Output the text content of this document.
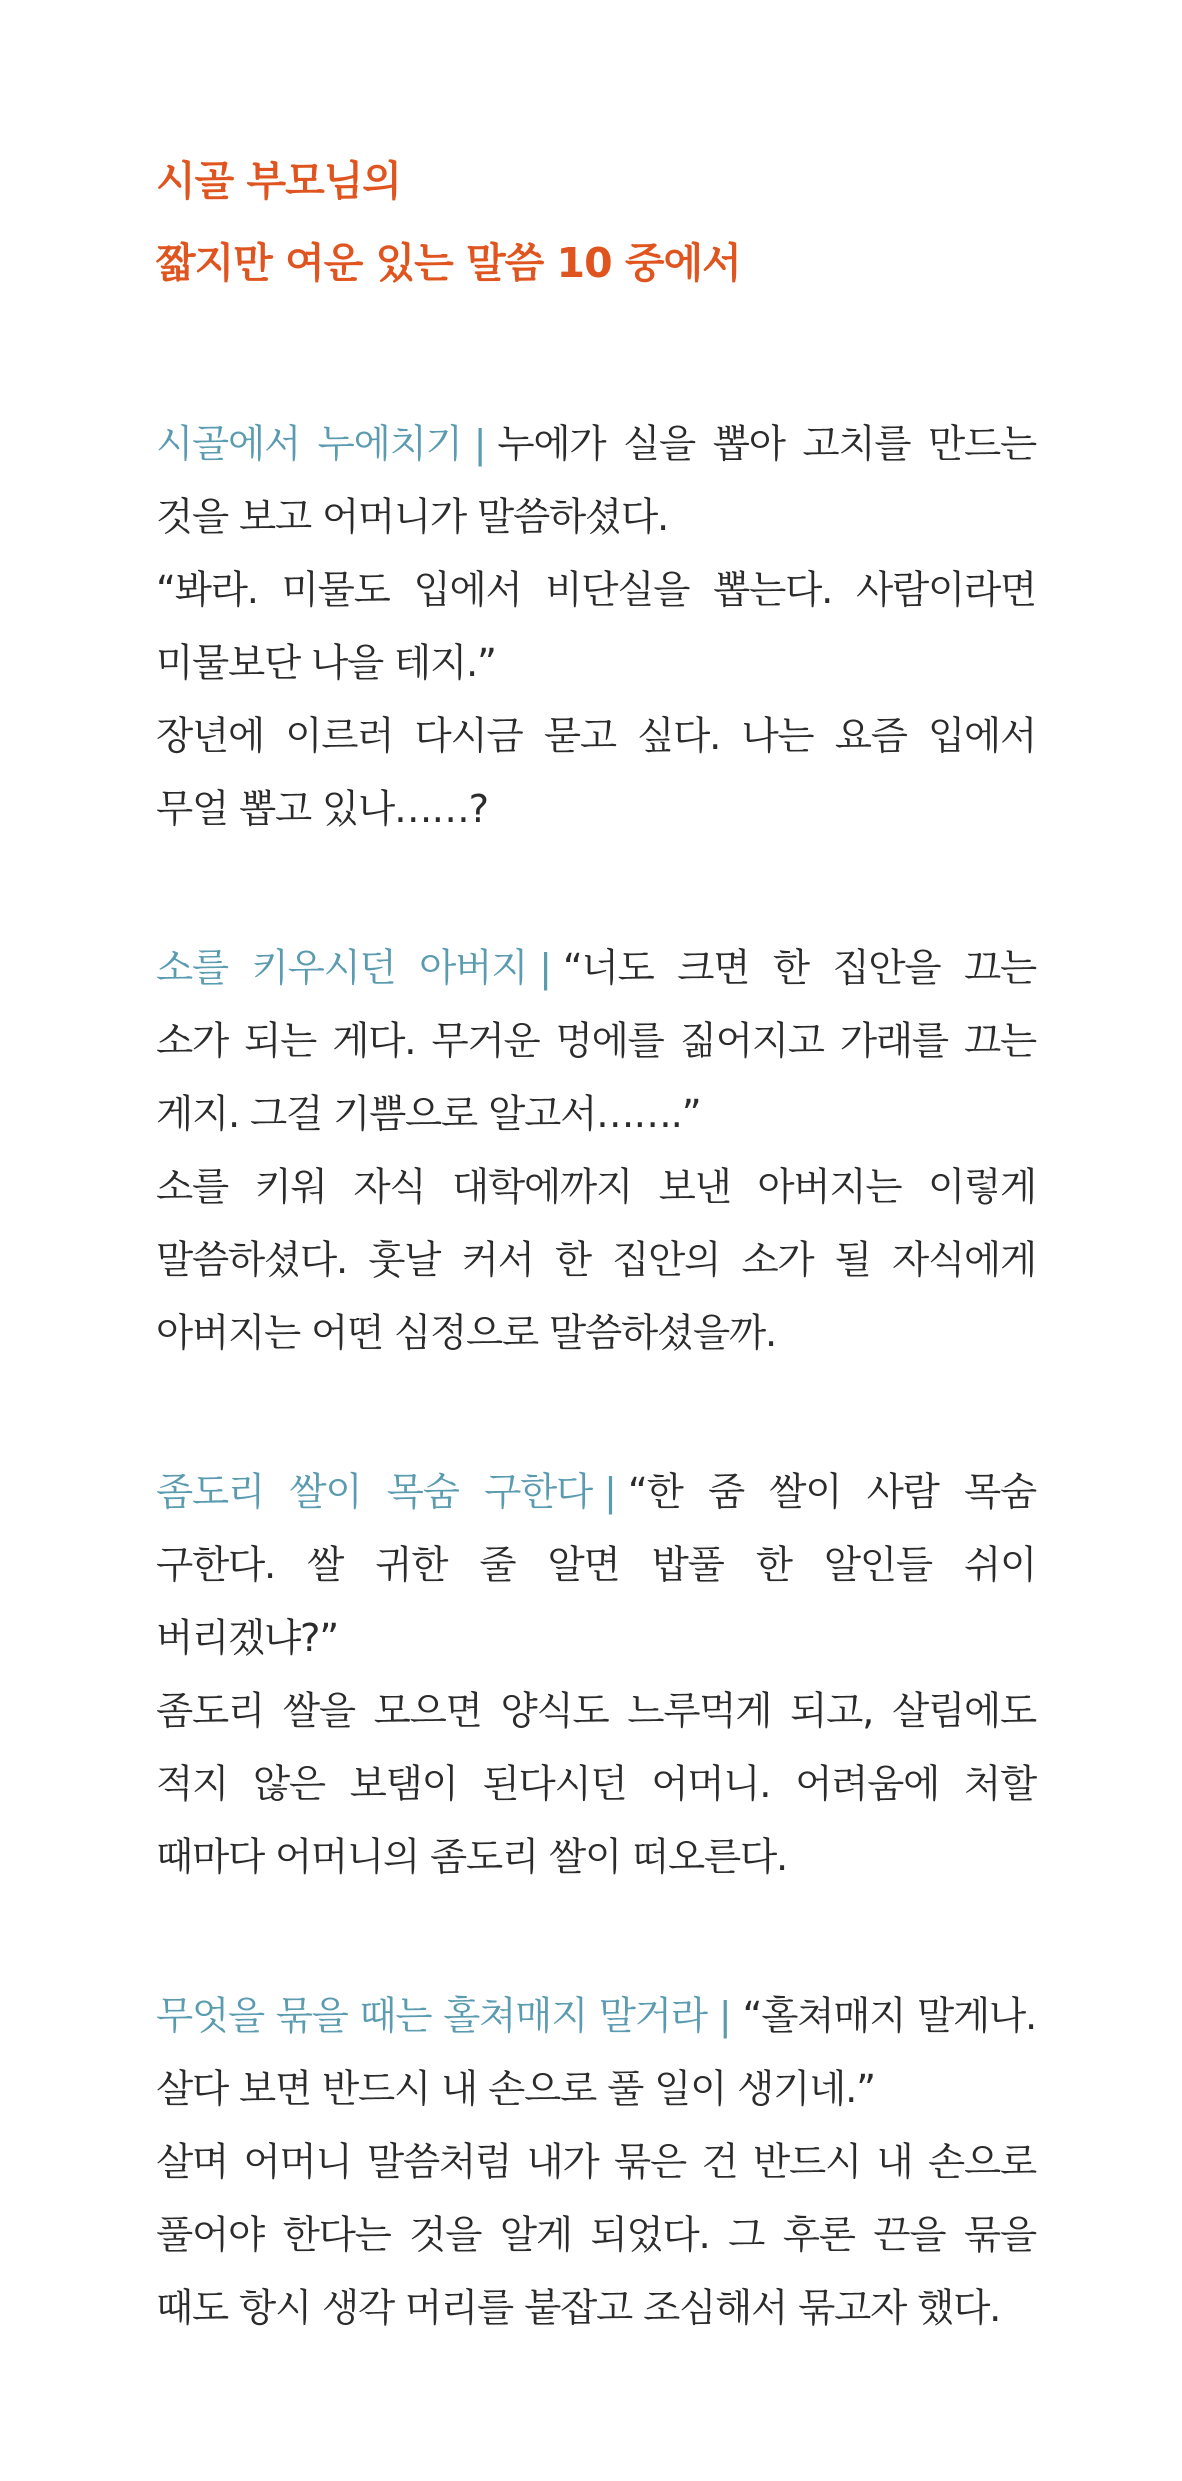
시골 부모님의
짧지만 여운 있는 말씀 10 중에서
시골에서 누에치기 | 누에가 실을 뽑아 고치를 만드는 것을 보고 어머니가 말씀하셨다.
“봐라. 미물도 입에서 비단실을 뽑는다. 사람이라면 미물보단 나을 테지.”
장년에 이르러 다시금 묻고 싶다. 나는 요즘 입에서 무얼 뽑고 있나……?
소를 키우시던 아버지 | “너도 크면 한 집안을 끄는 소가 되는 게다. 무거운 멍에를 짊어지고 가래를 끄는 게지. 그걸 기쁨으로 알고서…….”
소를 키워 자식 대학에까지 보낸 아버지는 이렇게 말씀하셨다. 훗날 커서 한 집안의 소가 될 자식에게 아버지는 어떤 심정으로 말씀하셨을까.
좀도리 쌀이 목숨 구한다 | “한 줌 쌀이 사람 목숨 구한다. 쌀 귀한 줄 알면 밥풀 한 알인들 쉬이 버리겠냐?”
좀도리 쌀을 모으면 양식도 느루먹게 되고, 살림에도 적지 않은 보탬이 된다시던 어머니. 어려움에 처할 때마다 어머니의 좀도리 쌀이 떠오른다.
무엇을 묶을 때는 홀쳐매지 말거라 | “홀쳐매지 말게나. 살다 보면 반드시 내 손으로 풀 일이 생기네.”
살며 어머니 말씀처럼 내가 묶은 건 반드시 내 손으로 풀어야 한다는 것을 알게 되었다. 그 후론 끈을 묶을 때도 항시 생각 머리를 붙잡고 조심해서 묶고자 했다.
